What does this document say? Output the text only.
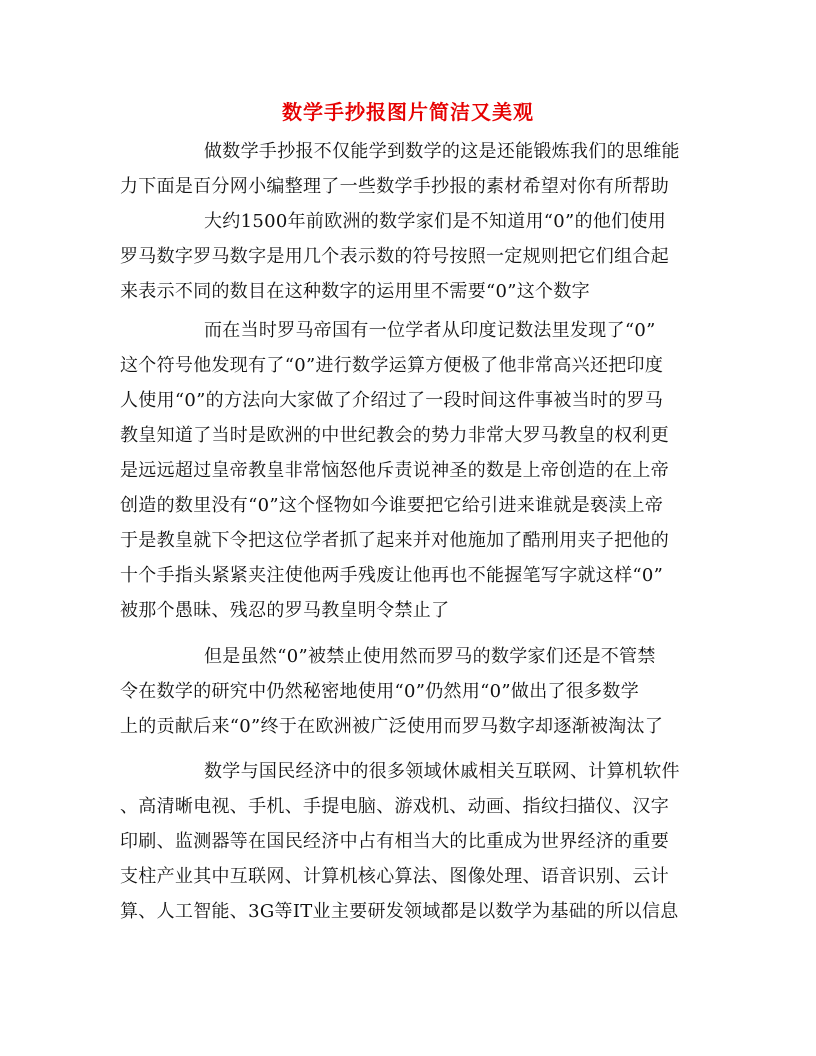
数学手抄报图片简洁又美观

做数学手抄报不仅能学到数学的这是还能锻炼我们的思维能

力下面是百分网小编整理了一些数学手抄报的素材希望对你有所帮助

大约1500年前欧洲的数学家们是不知道用“0”的他们使用

罗马数字罗马数字是用几个表示数的符号按照一定规则把它们组合起

来表示不同的数目在这种数字的运用里不需要“0”这个数字

而在当时罗马帝国有一位学者从印度记数法里发现了“0”

这个符号他发现有了“0”进行数学运算方便极了他非常高兴还把印度

人使用“0”的方法向大家做了介绍过了一段时间这件事被当时的罗马

教皇知道了当时是欧洲的中世纪教会的势力非常大罗马教皇的权利更

是远远超过皇帝教皇非常恼怒他斥责说神圣的数是上帝创造的在上帝

创造的数里没有“0”这个怪物如今谁要把它给引进来谁就是亵渎上帝

于是教皇就下令把这位学者抓了起来并对他施加了酷刑用夹子把他的

十个手指头紧紧夹注使他两手残废让他再也不能握笔写字就这样“0”

被那个愚昧、残忍的罗马教皇明令禁止了

但是虽然“0”被禁止使用然而罗马的数学家们还是不管禁

令在数学的研究中仍然秘密地使用“0”仍然用“0”做出了很多数学

上的贡献后来“0”终于在欧洲被广泛使用而罗马数字却逐渐被淘汰了

数学与国民经济中的很多领域休戚相关互联网、计算机软件

、高清晰电视、手机、手提电脑、游戏机、动画、指纹扫描仪、汉字

印刷、监测器等在国民经济中占有相当大的比重成为世界经济的重要

支柱产业其中互联网、计算机核心算法、图像处理、语音识别、云计

算、人工智能、3G等IT业主要研发领域都是以数学为基础的所以信息
